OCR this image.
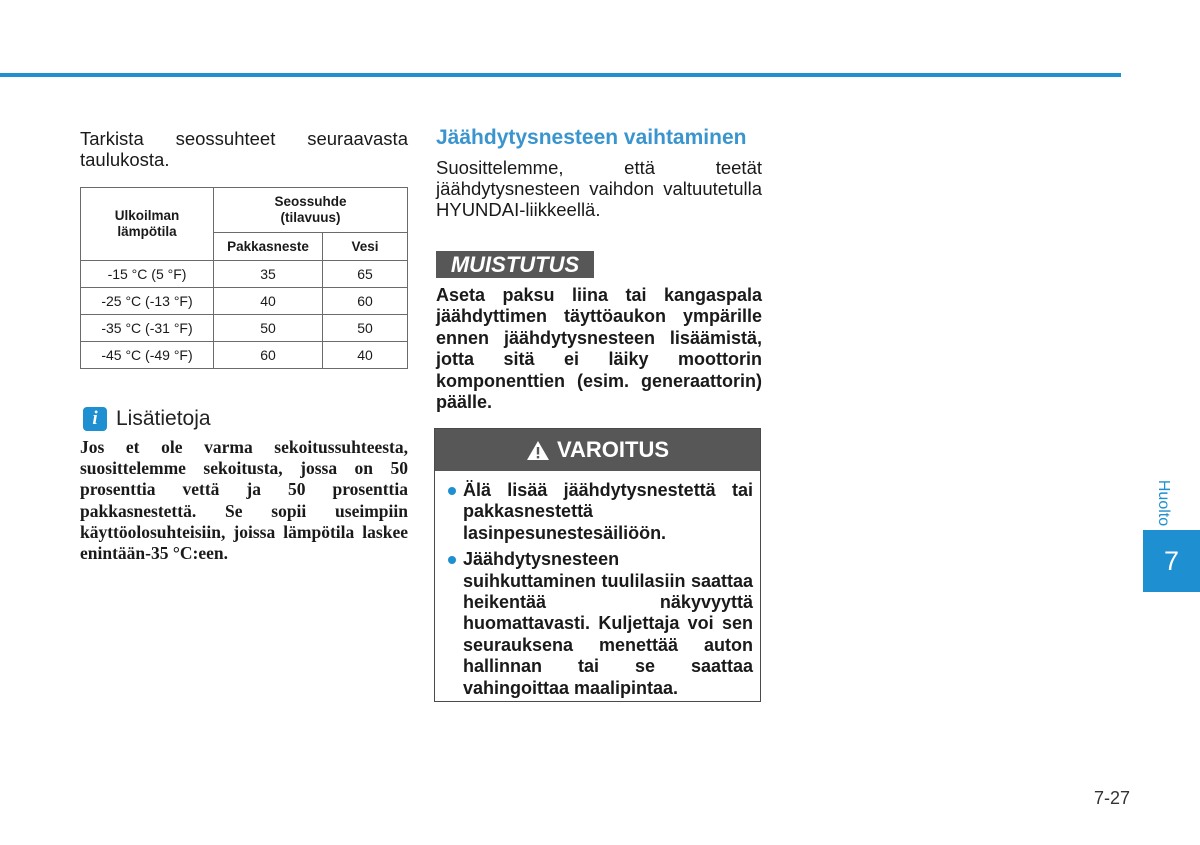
Tarkista seossuhteet seuraavasta taulukosta.

Ulkoilman lämpötila	Seossuhde (tilavuus)	
	Pakkasneste	Vesi
-15 °C (5 °F)	35	65
-25 °C (-13 °F)	40	60
-35 °C (-31 °F)	50	50
-45 °C (-49 °F)	60	40
i Lisätietoja

Jos et ole varma sekoitussuhteesta, suosittelemme sekoitusta, jossa on 50 prosenttia vettä ja 50 prosenttia pakkasnestettä. Se sopii useimpiin käyttöolosuhteisiin, joissa lämpötila laskee enintään-35 °C:een.

Jäähdytysnesteen vaihtaminen

Suosittelemme, että teetät jäähdytysnesteen vaihdon valtuutetulla HYUNDAI-liikkeellä.

MUISTUTUS

Aseta paksu liina tai kangaspala jäähdyttimen täyttöaukon ympärille ennen jäähdytysnesteen lisäämistä, jotta sitä ei läiky moottorin komponenttien (esim. generaattorin) päälle.

VAROITUS
Älä lisää jäähdytysnestettä tai pakkasnestettä lasinpesunestesäiliöön.
Jäähdytysnesteen suihkuttaminen tuulilasiin saattaa heikentää näkyvyyttä huomattavasti. Kuljettaja voi sen seurauksena menettää auton hallinnan tai se saattaa vahingoittaa maalipintaa.
Huolto
7
7-27
